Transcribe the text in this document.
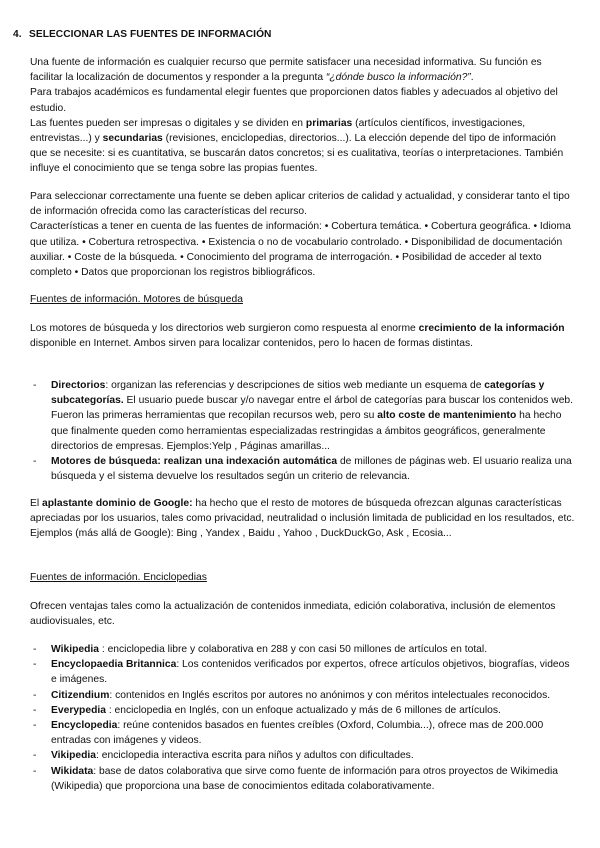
4. SELECCIONAR LAS FUENTES DE INFORMACIÓN

Una fuente de información es cualquier recurso que permite satisfacer una necesidad informativa. Su función es facilitar la localización de documentos y responder a la pregunta “¿dónde busco la información?”.

Para trabajos académicos es fundamental elegir fuentes que proporcionen datos fiables y adecuados al objetivo del estudio.

Las fuentes pueden ser impresas o digitales y se dividen en primarias (artículos científicos, investigaciones, entrevistas...) y secundarias (revisiones, enciclopedias, directorios...). La elección depende del tipo de información que se necesite: si es cuantitativa, se buscarán datos concretos; si es cualitativa, teorías o interpretaciones. También influye el conocimiento que se tenga sobre las propias fuentes.

Para seleccionar correctamente una fuente se deben aplicar criterios de calidad y actualidad, y considerar tanto el tipo de información ofrecida como las características del recurso.

Características a tener en cuenta de las fuentes de información: • Cobertura temática. • Cobertura geográfica. • Idioma que utiliza. • Cobertura retrospectiva. • Existencia o no de vocabulario controlado. • Disponibilidad de documentación auxiliar. • Coste de la búsqueda. • Conocimiento del programa de interrogación. • Posibilidad de acceder al texto completo • Datos que proporcionan los registros bibliográficos.

Fuentes de información. Motores de búsqueda

Los motores de búsqueda y los directorios web surgieron como respuesta al enorme crecimiento de la información disponible en Internet. Ambos sirven para localizar contenidos, pero lo hacen de formas distintas.

- Directorios: organizan las referencias y descripciones de sitios web mediante un esquema de categorías y subcategorías. El usuario puede buscar y/o navegar entre el árbol de categorías para buscar los contenidos web. Fueron las primeras herramientas que recopilan recursos web, pero su alto coste de mantenimiento ha hecho que finalmente queden como herramientas especializadas restringidas a ámbitos geográficos, generalmente directorios de empresas. Ejemplos:Yelp , Páginas amarillas...
- Motores de búsqueda: realizan una indexación automática de millones de páginas web. El usuario realiza una búsqueda y el sistema devuelve los resultados según un criterio de relevancia.

El aplastante dominio de Google: ha hecho que el resto de motores de búsqueda ofrezcan algunas características apreciadas por los usuarios, tales como privacidad, neutralidad o inclusión limitada de publicidad en los resultados, etc. Ejemplos (más allá de Google): Bing , Yandex , Baidu , Yahoo , DuckDuckGo, Ask , Ecosia...

Fuentes de información. Enciclopedias

Ofrecen ventajas tales como la actualización de contenidos inmediata, edición colaborativa, inclusión de elementos audiovisuales, etc.

- Wikipedia : enciclopedia libre y colaborativa en 288 y con casi 50 millones de artículos en total.
- Encyclopaedia Britannica: Los contenidos verificados por expertos, ofrece artículos objetivos, biografías, videos e imágenes.
- Citizendium: contenidos en Inglés escritos por autores no anónimos y con méritos intelectuales reconocidos.
- Everypedia : enciclopedia en Inglés, con un enfoque actualizado y más de 6 millones de artículos.
- Encyclopedia: reúne contenidos basados en fuentes creíbles (Oxford, Columbia...), ofrece mas de 200.000 entradas con imágenes y videos.
- Vikipedia: enciclopedia interactiva escrita para niños y adultos con dificultades.
- Wikidata: base de datos colaborativa que sirve como fuente de información para otros proyectos de Wikimedia (Wikipedia) que proporciona una base de conocimientos editada colaborativamente.
